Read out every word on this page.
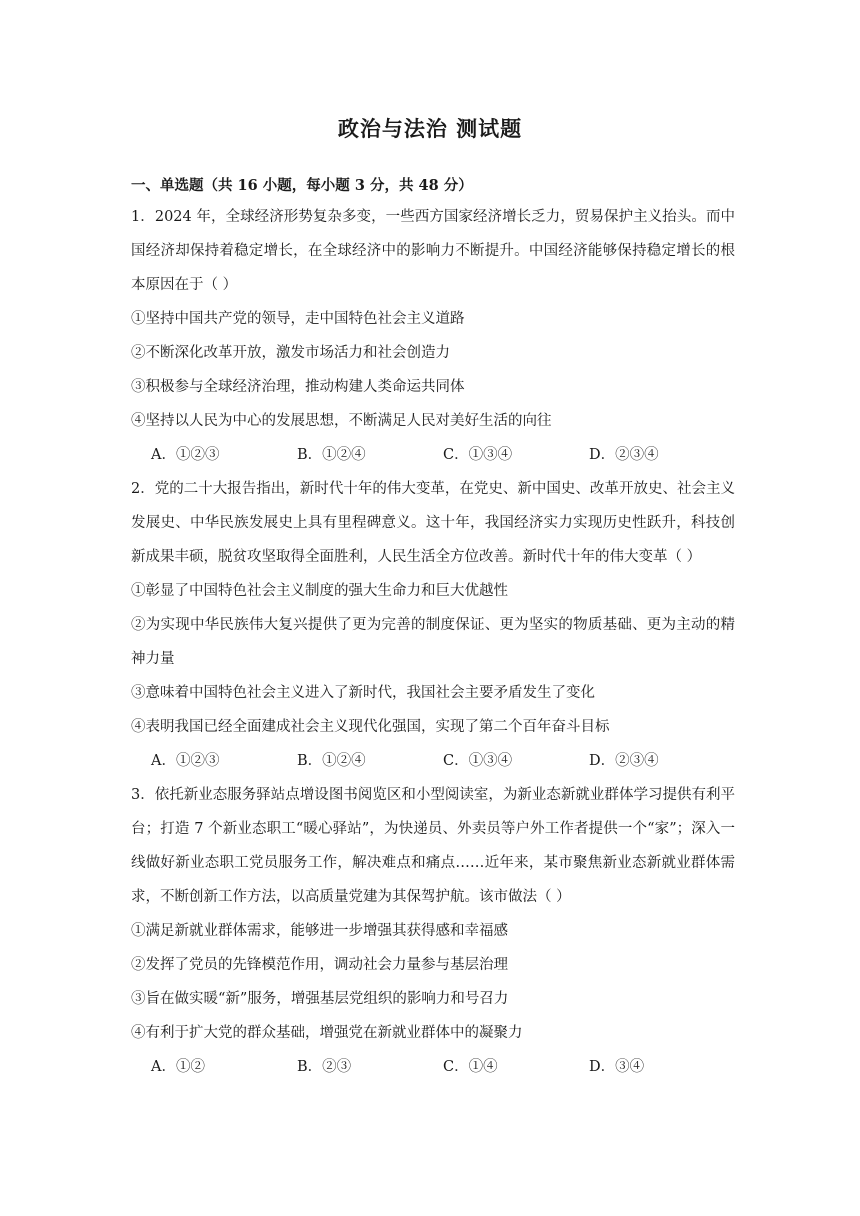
政治与法治 测试题
一、单选题（共 16 小题，每小题 3 分，共 48 分）

1．2024 年，全球经济形势复杂多变，一些西方国家经济增长乏力，贸易保护主义抬头。而中国经济却保持着稳定增长，在全球经济中的影响力不断提升。中国经济能够保持稳定增长的根本原因在于（ ）

①坚持中国共产党的领导，走中国特色社会主义道路

②不断深化改革开放，激发市场活力和社会创造力

③积极参与全球经济治理，推动构建人类命运共同体

④坚持以人民为中心的发展思想，不断满足人民对美好生活的向往

A．①②③	B．①②④	C．①③④	D．②③④

2．党的二十大报告指出，新时代十年的伟大变革，在党史、新中国史、改革开放史、社会主义发展史、中华民族发展史上具有里程碑意义。这十年，我国经济实力实现历史性跃升，科技创新成果丰硕，脱贫攻坚取得全面胜利，人民生活全方位改善。新时代十年的伟大变革（ ）

①彰显了中国特色社会主义制度的强大生命力和巨大优越性

②为实现中华民族伟大复兴提供了更为完善的制度保证、更为坚实的物质基础、更为主动的精神力量

③意味着中国特色社会主义进入了新时代，我国社会主要矛盾发生了变化

④表明我国已经全面建成社会主义现代化强国，实现了第二个百年奋斗目标

A．①②③	B．①②④	C．①③④	D．②③④

3．依托新业态服务驿站点增设图书阅览区和小型阅读室，为新业态新就业群体学习提供有利平台；打造 7 个新业态职工“暖心驿站”，为快递员、外卖员等户外工作者提供一个“家”；深入一线做好新业态职工党员服务工作，解决难点和痛点……近年来，某市聚焦新业态新就业群体需求，不断创新工作方法，以高质量党建为其保驾护航。该市做法（ ）

①满足新就业群体需求，能够进一步增强其获得感和幸福感

②发挥了党员的先锋模范作用，调动社会力量参与基层治理

③旨在做实暖“新”服务，增强基层党组织的影响力和号召力

④有利于扩大党的群众基础，增强党在新就业群体中的凝聚力

A．①②	B．②③	C．①④	D．③④
